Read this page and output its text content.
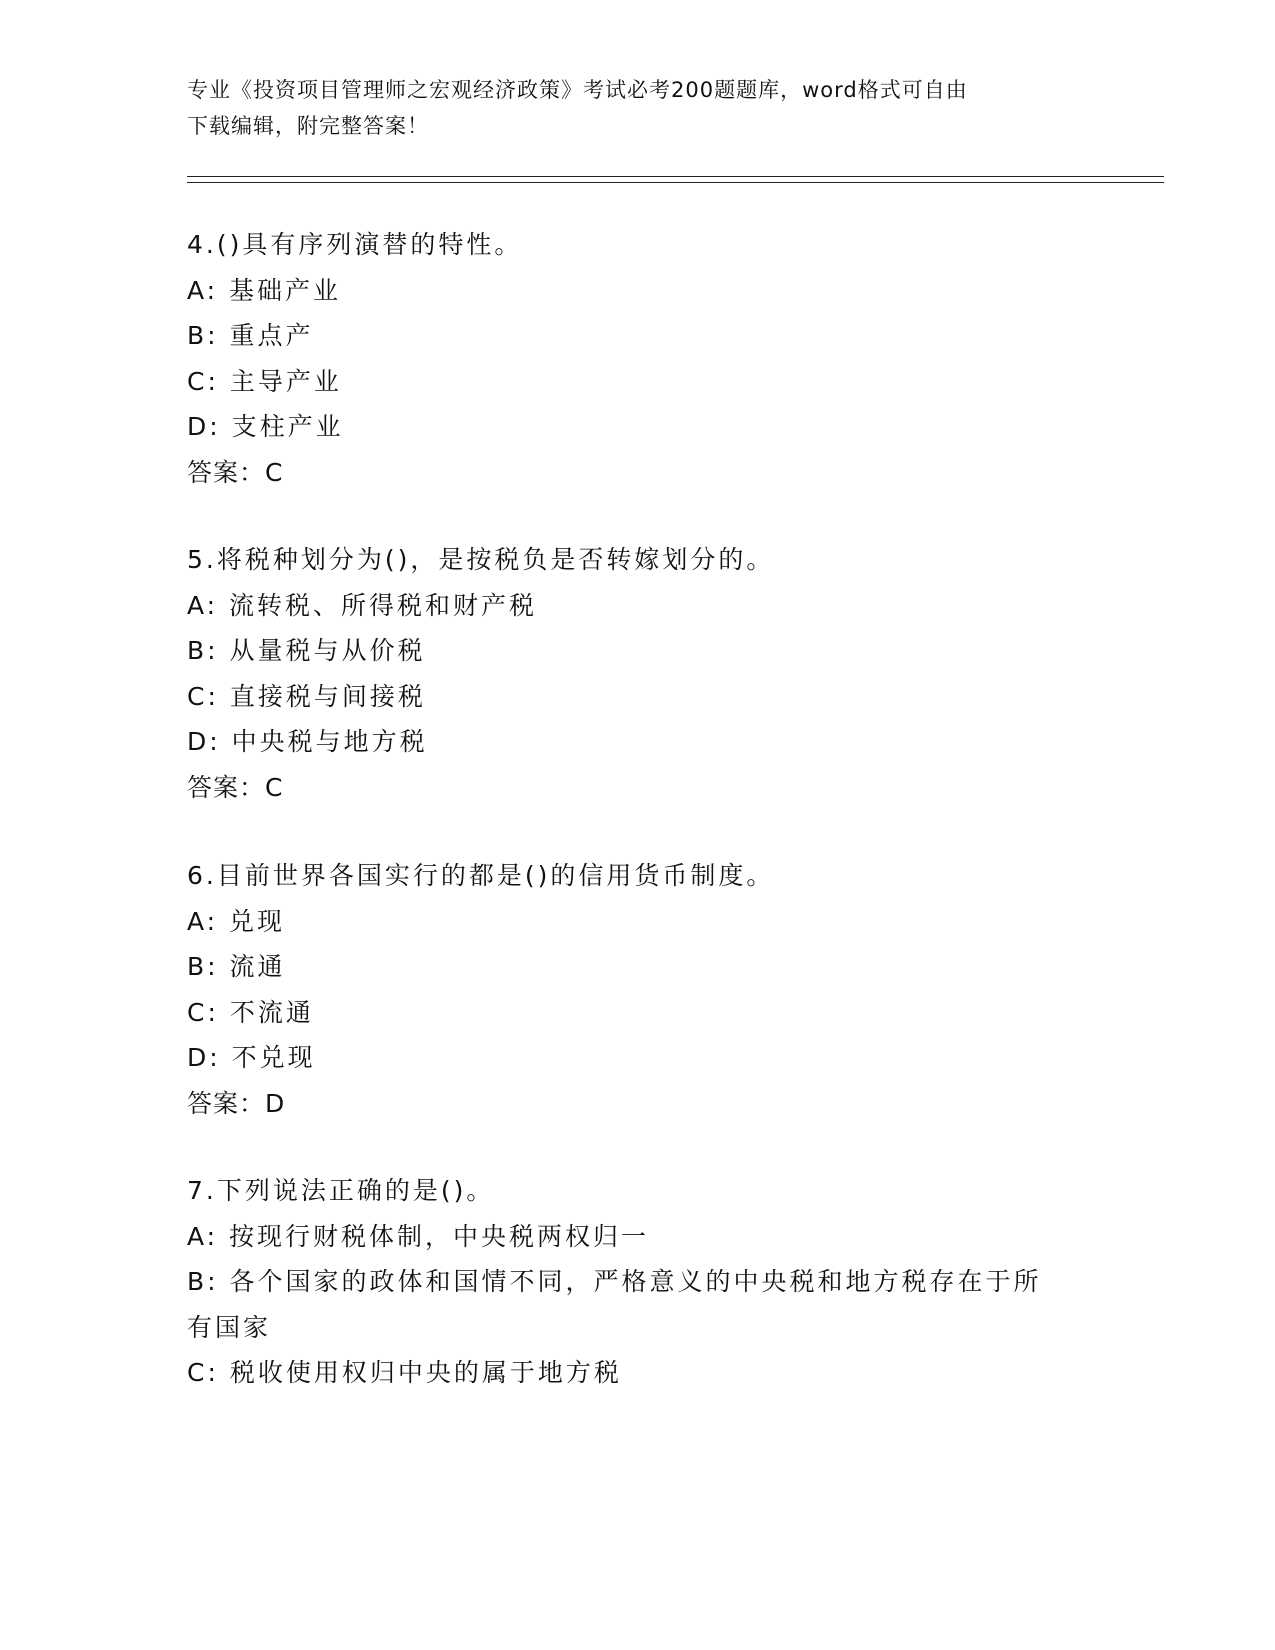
专业《投资项目管理师之宏观经济政策》考试必考200题题库，word格式可自由
下载编辑，附完整答案！
4.()具有序列演替的特性。
A: 基础产业
B: 重点产
C: 主导产业
D: 支柱产业
答案：C
5.将税种划分为()，是按税负是否转嫁划分的。
A: 流转税、所得税和财产税
B: 从量税与从价税
C: 直接税与间接税
D: 中央税与地方税
答案：C
6.目前世界各国实行的都是()的信用货币制度。
A: 兑现
B: 流通
C: 不流通
D: 不兑现
答案：D
7.下列说法正确的是()。
A: 按现行财税体制，中央税两权归一
B: 各个国家的政体和国情不同，严格意义的中央税和地方税存在于所有国家
C: 税收使用权归中央的属于地方税
